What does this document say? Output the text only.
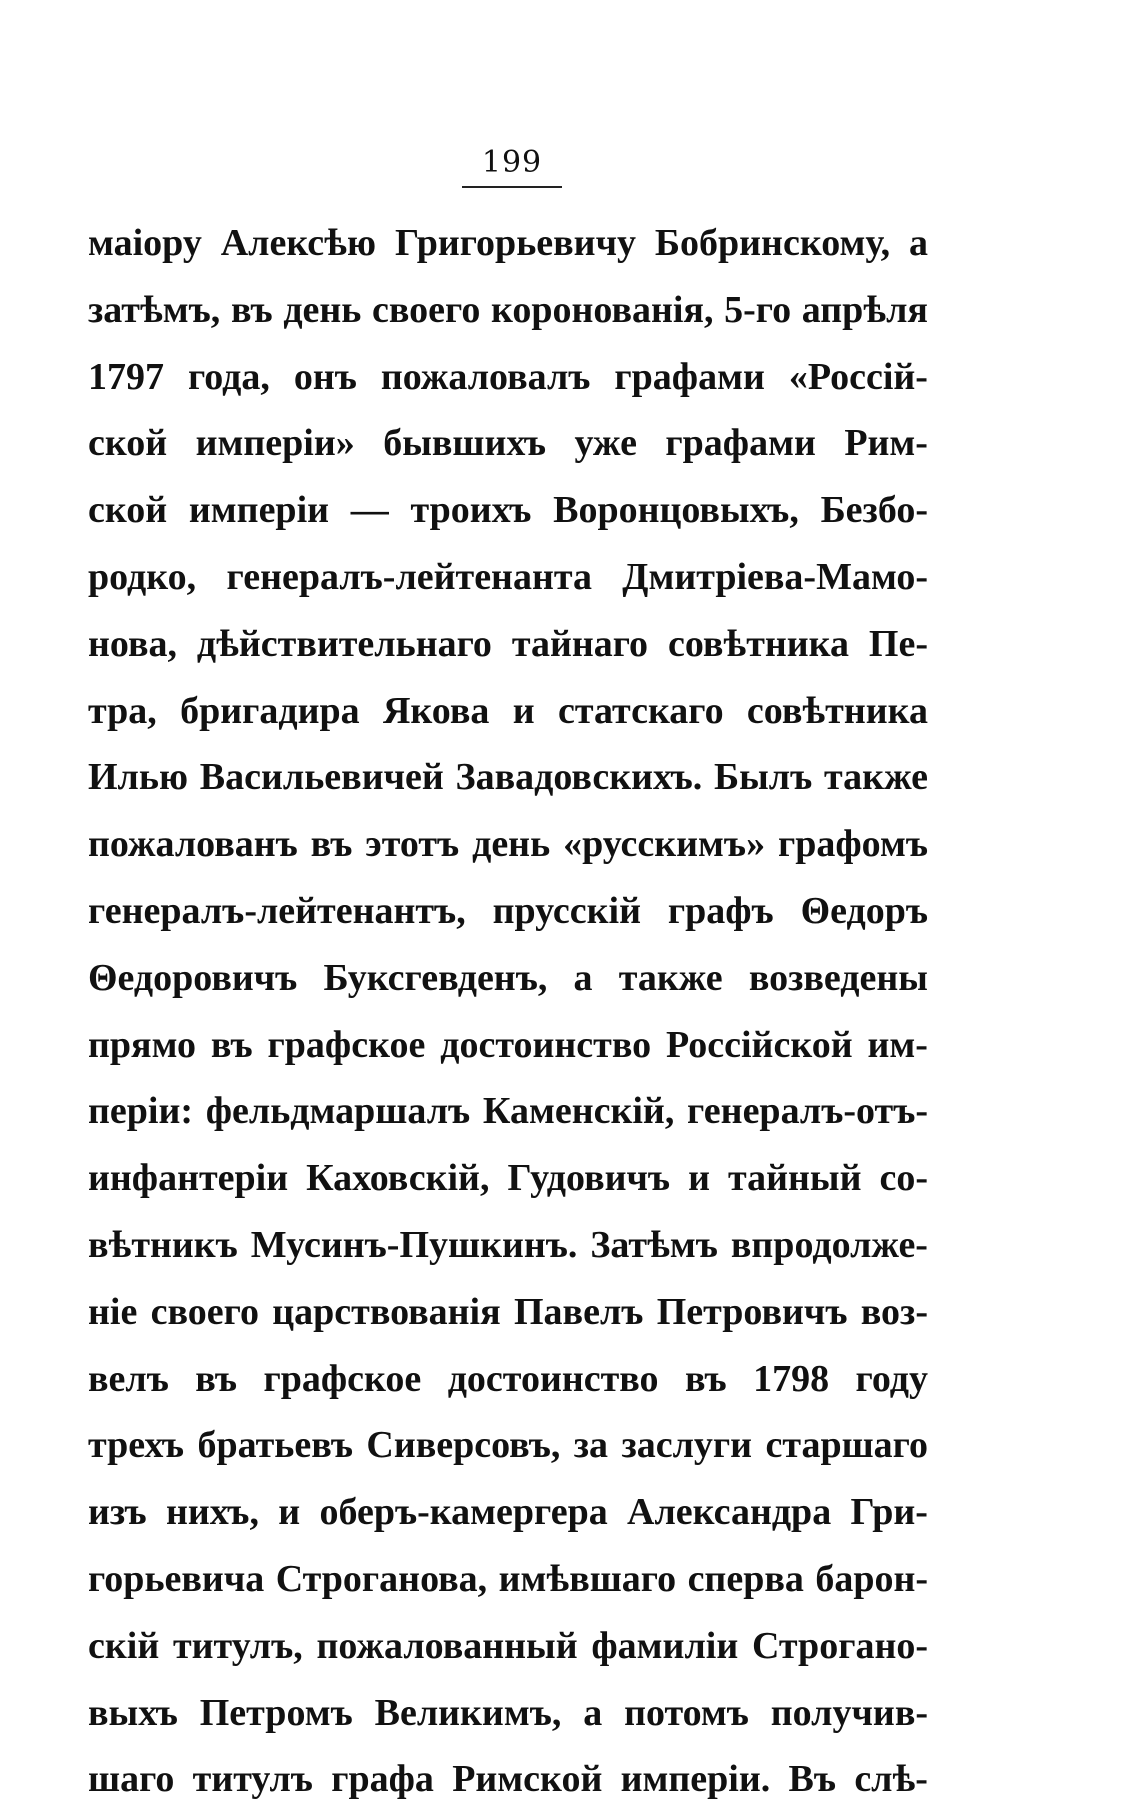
199
маіору Алексѣю Григорьевичу Бобринскому, а
затѣмъ, въ день своего коронованія, 5-го апрѣля
1797 года, онъ пожаловалъ графами «Россій-
ской имперіи» бывшихъ уже графами Рим-
ской имперіи — троихъ Воронцовыхъ, Безбо-
родко, генералъ-лейтенанта Дмитріева-Мамо-
нова, дѣйствительнаго тайнаго совѣтника Пе-
тра, бригадира Якова и статскаго совѣтника
Илью Васильевичей Завадовскихъ. Былъ также
пожалованъ въ этотъ день «русскимъ» графомъ
генералъ-лейтенантъ, прусскій графъ Θедоръ
Θедоровичъ Буксгевденъ, а также возведены
прямо въ графское достоинство Россійской им-
періи: фельдмаршалъ Каменскій, генералъ-отъ-
инфантеріи Каховскій, Гудовичъ и тайный со-
вѣтникъ Мусинъ-Пушкинъ. Затѣмъ впродолже-
ніе своего царствованія Павелъ Петровичъ воз-
велъ въ графское достоинство въ 1798 году
трехъ братьевъ Сиверсовъ, за заслуги старшаго
изъ нихъ, и оберъ-камергера Александра Гри-
горьевича Строганова, имѣвшаго сперва барон-
скій титулъ, пожалованный фамиліи Строгано-
выхъ Петромъ Великимъ, а потомъ получив-
шаго титулъ графа Римской имперіи. Въ слѣ-
